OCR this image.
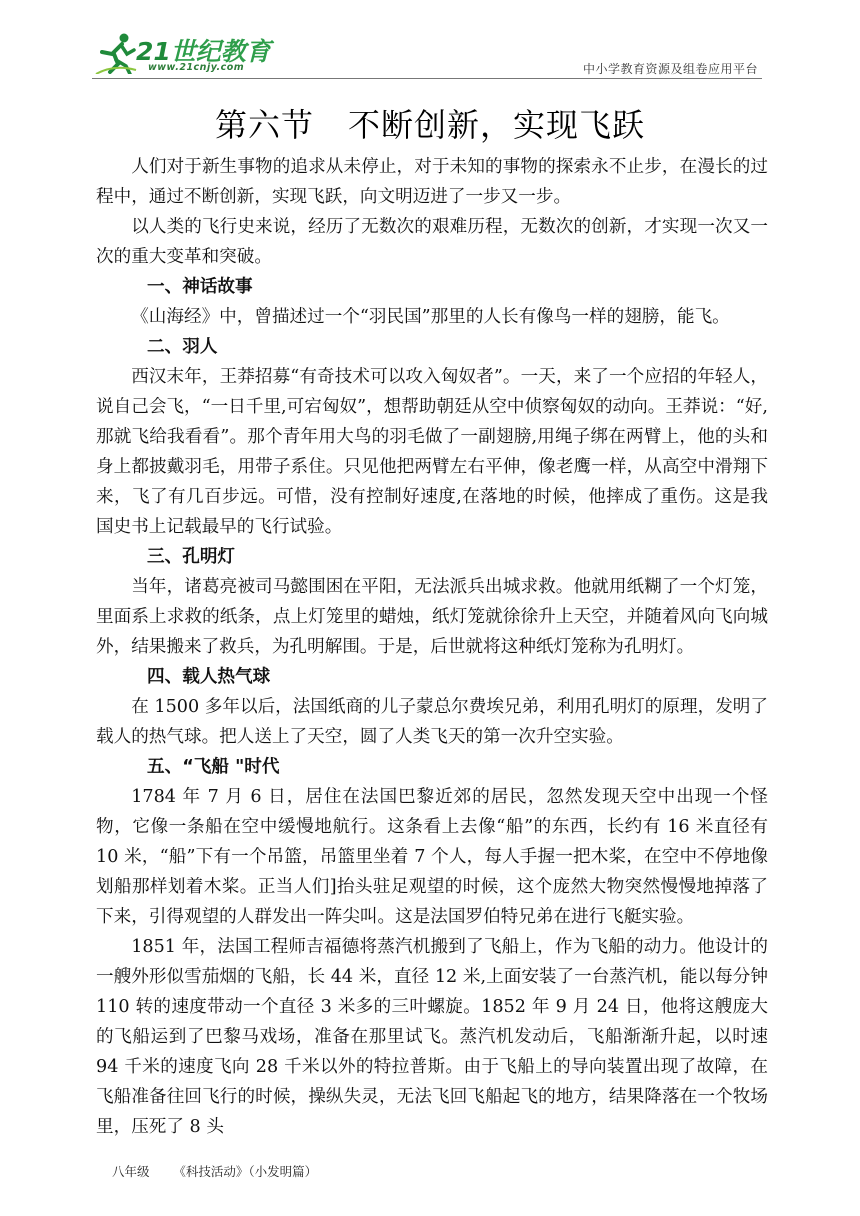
21世纪教育
www.21cnjy.com	中小学教育资源及组卷应用平台
第六节 不断创新，实现飞跃

人们对于新生事物的追求从未停止，对于未知的事物的探索永不止步，在漫长的过程中，通过不断创新，实现飞跃，向文明迈进了一步又一步。

以人类的飞行史来说，经历了无数次的艰难历程，无数次的创新，才实现一次又一次的重大变革和突破。

一、神话故事

《山海经》中，曾描述过一个“羽民国”那里的人长有像鸟一样的翅膀，能飞。

二、羽人

西汉末年，王莽招募“有奇技术可以攻入匈奴者”。一天，来了一个应招的年轻人，说自己会飞，“一日千里,可宕匈奴”，想帮助朝廷从空中侦察匈奴的动向。王莽说：“好,那就飞给我看看”。那个青年用大鸟的羽毛做了一副翅膀,用绳子绑在两臂上，他的头和身上都披戴羽毛，用带子系住。只见他把两臂左右平伸，像老鹰一样，从高空中滑翔下来，飞了有几百步远。可惜，没有控制好速度,在落地的时候，他摔成了重伤。这是我国史书上记载最早的飞行试验。

三、孔明灯

当年，诸葛亮被司马懿围困在平阳，无法派兵出城求救。他就用纸糊了一个灯笼，里面系上求救的纸条，点上灯笼里的蜡烛，纸灯笼就徐徐升上天空，并随着风向飞向城外，结果搬来了救兵，为孔明解围。于是，后世就将这种纸灯笼称为孔明灯。

四、载人热气球

在 1500 多年以后，法国纸商的儿子蒙总尔费埃兄弟，利用孔明灯的原理，发明了载人的热气球。把人送上了天空，圆了人类飞天的第一次升空实验。

五、“飞船 "时代

1784 年 7 月 6 日，居住在法国巴黎近郊的居民，忽然发现天空中出现一个怪物，它像一条船在空中缓慢地航行。这条看上去像“船”的东西，长约有 16 米直径有 10 米，“船”下有一个吊篮，吊篮里坐着 7 个人，每人手握一把木桨，在空中不停地像划船那样划着木桨。正当人们]抬头驻足观望的时候，这个庞然大物突然慢慢地掉落了下来，引得观望的人群发出一阵尖叫。这是法国罗伯特兄弟在进行飞艇实验。

1851 年，法国工程师吉福德将蒸汽机搬到了飞船上，作为飞船的动力。他设计的一艘外形似雪茄烟的飞船，长 44 米，直径 12 米,上面安装了一台蒸汽机，能以每分钟 110 转的速度带动一个直径 3 米多的三叶螺旋。1852 年 9 月 24 日，他将这艘庞大的飞船运到了巴黎马戏场，准备在那里试飞。蒸汽机发动后，飞船渐渐升起，以时速 94 千米的速度飞向 28 千米以外的特拉普斯。由于飞船上的导向装置出现了故障，在飞船准备往回飞行的时候，操纵失灵，无法飞回飞船起飞的地方，结果降落在一个牧场里，压死了 8 头

八年级 《科技活动》（小发明篇）
